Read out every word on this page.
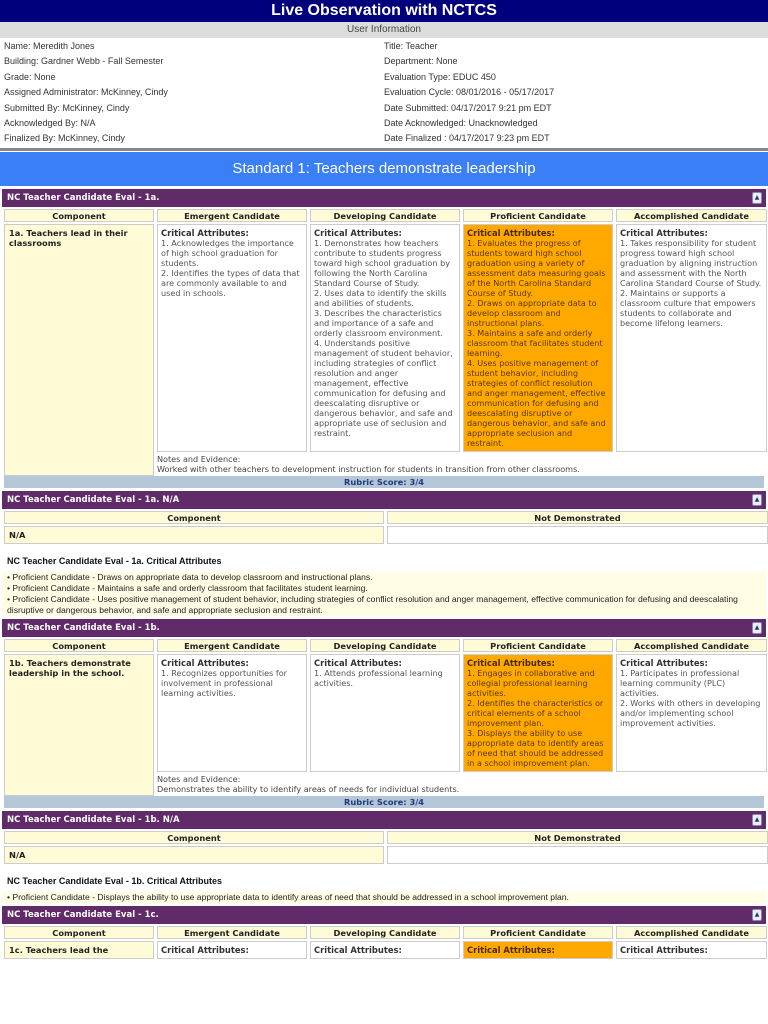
Live Observation with NCTCS
User Information
Name: Meredith Jones
Building: Gardner Webb - Fall Semester
Grade: None
Assigned Administrator: McKinney, Cindy
Submitted By: McKinney, Cindy
Acknowledged By: N/A
Finalized By: McKinney, Cindy
Title: Teacher
Department: None
Evaluation Type: EDUC 450
Evaluation Cycle: 08/01/2016 - 05/17/2017
Date Submitted: 04/17/2017 9:21 pm EDT
Date Acknowledged: Unacknowledged
Date Finalized : 04/17/2017 9:23 pm EDT
Standard 1: Teachers demonstrate leadership
NC Teacher Candidate Eval - 1a.	▲
Component	Emergent Candidate	Developing Candidate	Proficient Candidate	Accomplished Candidate
1a. Teachers lead in their classrooms
Critical Attributes:

1. Acknowledges the importance of high school graduation for students.
2. Identifies the types of data that are commonly available to and used in schools.

Critical Attributes:

1. Demonstrates how teachers contribute to students progress toward high school graduation by following the North Carolina Standard Course of Study.
2. Uses data to identify the skills and abilities of students.
3. Describes the characteristics and importance of a safe and orderly classroom environment.
4. Understands positive management of student behavior, including strategies of conflict resolution and anger management, effective communication for defusing and deescalating disruptive or dangerous behavior, and safe and appropriate use of seclusion and restraint.

Critical Attributes:

1. Evaluates the progress of students toward high school graduation using a variety of assessment data measuring goals of the North Carolina Standard Course of Study.
2. Draws on appropriate data to develop classroom and instructional plans.
3. Maintains a safe and orderly classroom that facilitates student learning.
4. Uses positive management of student behavior, including strategies of conflict resolution and anger management, effective communication for defusing and deescalating disruptive or dangerous behavior, and safe and appropriate seclusion and restraint.

Critical Attributes:

1. Takes responsibility for student progress toward high school graduation by aligning instruction and assessment with the North Carolina Standard Course of Study.
2. Maintains or supports a classroom culture that empowers students to collaborate and become lifelong learners.

Notes and Evidence:
Worked with other teachers to development instruction for students in transition from other classrooms.
Rubric Score: 3/4
NC Teacher Candidate Eval - 1a. N/A	▲
Component	Not Demonstrated
N/A
NC Teacher Candidate Eval - 1a. Critical Attributes
• Proficient Candidate - Draws on appropriate data to develop classroom and instructional plans.
• Proficient Candidate - Maintains a safe and orderly classroom that facilitates student learning.
• Proficient Candidate - Uses positive management of student behavior, including strategies of conflict resolution and anger management, effective communication for defusing and deescalating disruptive or dangerous behavior, and safe and appropriate seclusion and restraint.
NC Teacher Candidate Eval - 1b.	▲
Component	Emergent Candidate	Developing Candidate	Proficient Candidate	Accomplished Candidate
1b. Teachers demonstrate leadership in the school.
Critical Attributes:

1. Recognizes opportunities for involvement in professional learning activities.

Critical Attributes:

1. Attends professional learning activities.

Critical Attributes:

1. Engages in collaborative and collegial professional learning activities.
2. Identifies the characteristics or critical elements of a school improvement plan.
3. Displays the ability to use appropriate data to identify areas of need that should be addressed in a school improvement plan.

Critical Attributes:

1. Participates in professional learning community (PLC) activities.
2. Works with others in developing and/or implementing school improvement activities.

Notes and Evidence:
Demonstrates the ability to identify areas of needs for individual students.
Rubric Score: 3/4
NC Teacher Candidate Eval - 1b. N/A	▲
Component	Not Demonstrated
N/A
NC Teacher Candidate Eval - 1b. Critical Attributes
• Proficient Candidate - Displays the ability to use appropriate data to identify areas of need that should be addressed in a school improvement plan.
NC Teacher Candidate Eval - 1c.	▲
Component	Emergent Candidate	Developing Candidate	Proficient Candidate	Accomplished Candidate
1c. Teachers lead the	Critical Attributes:	Critical Attributes:	Critical Attributes:	Critical Attributes:
